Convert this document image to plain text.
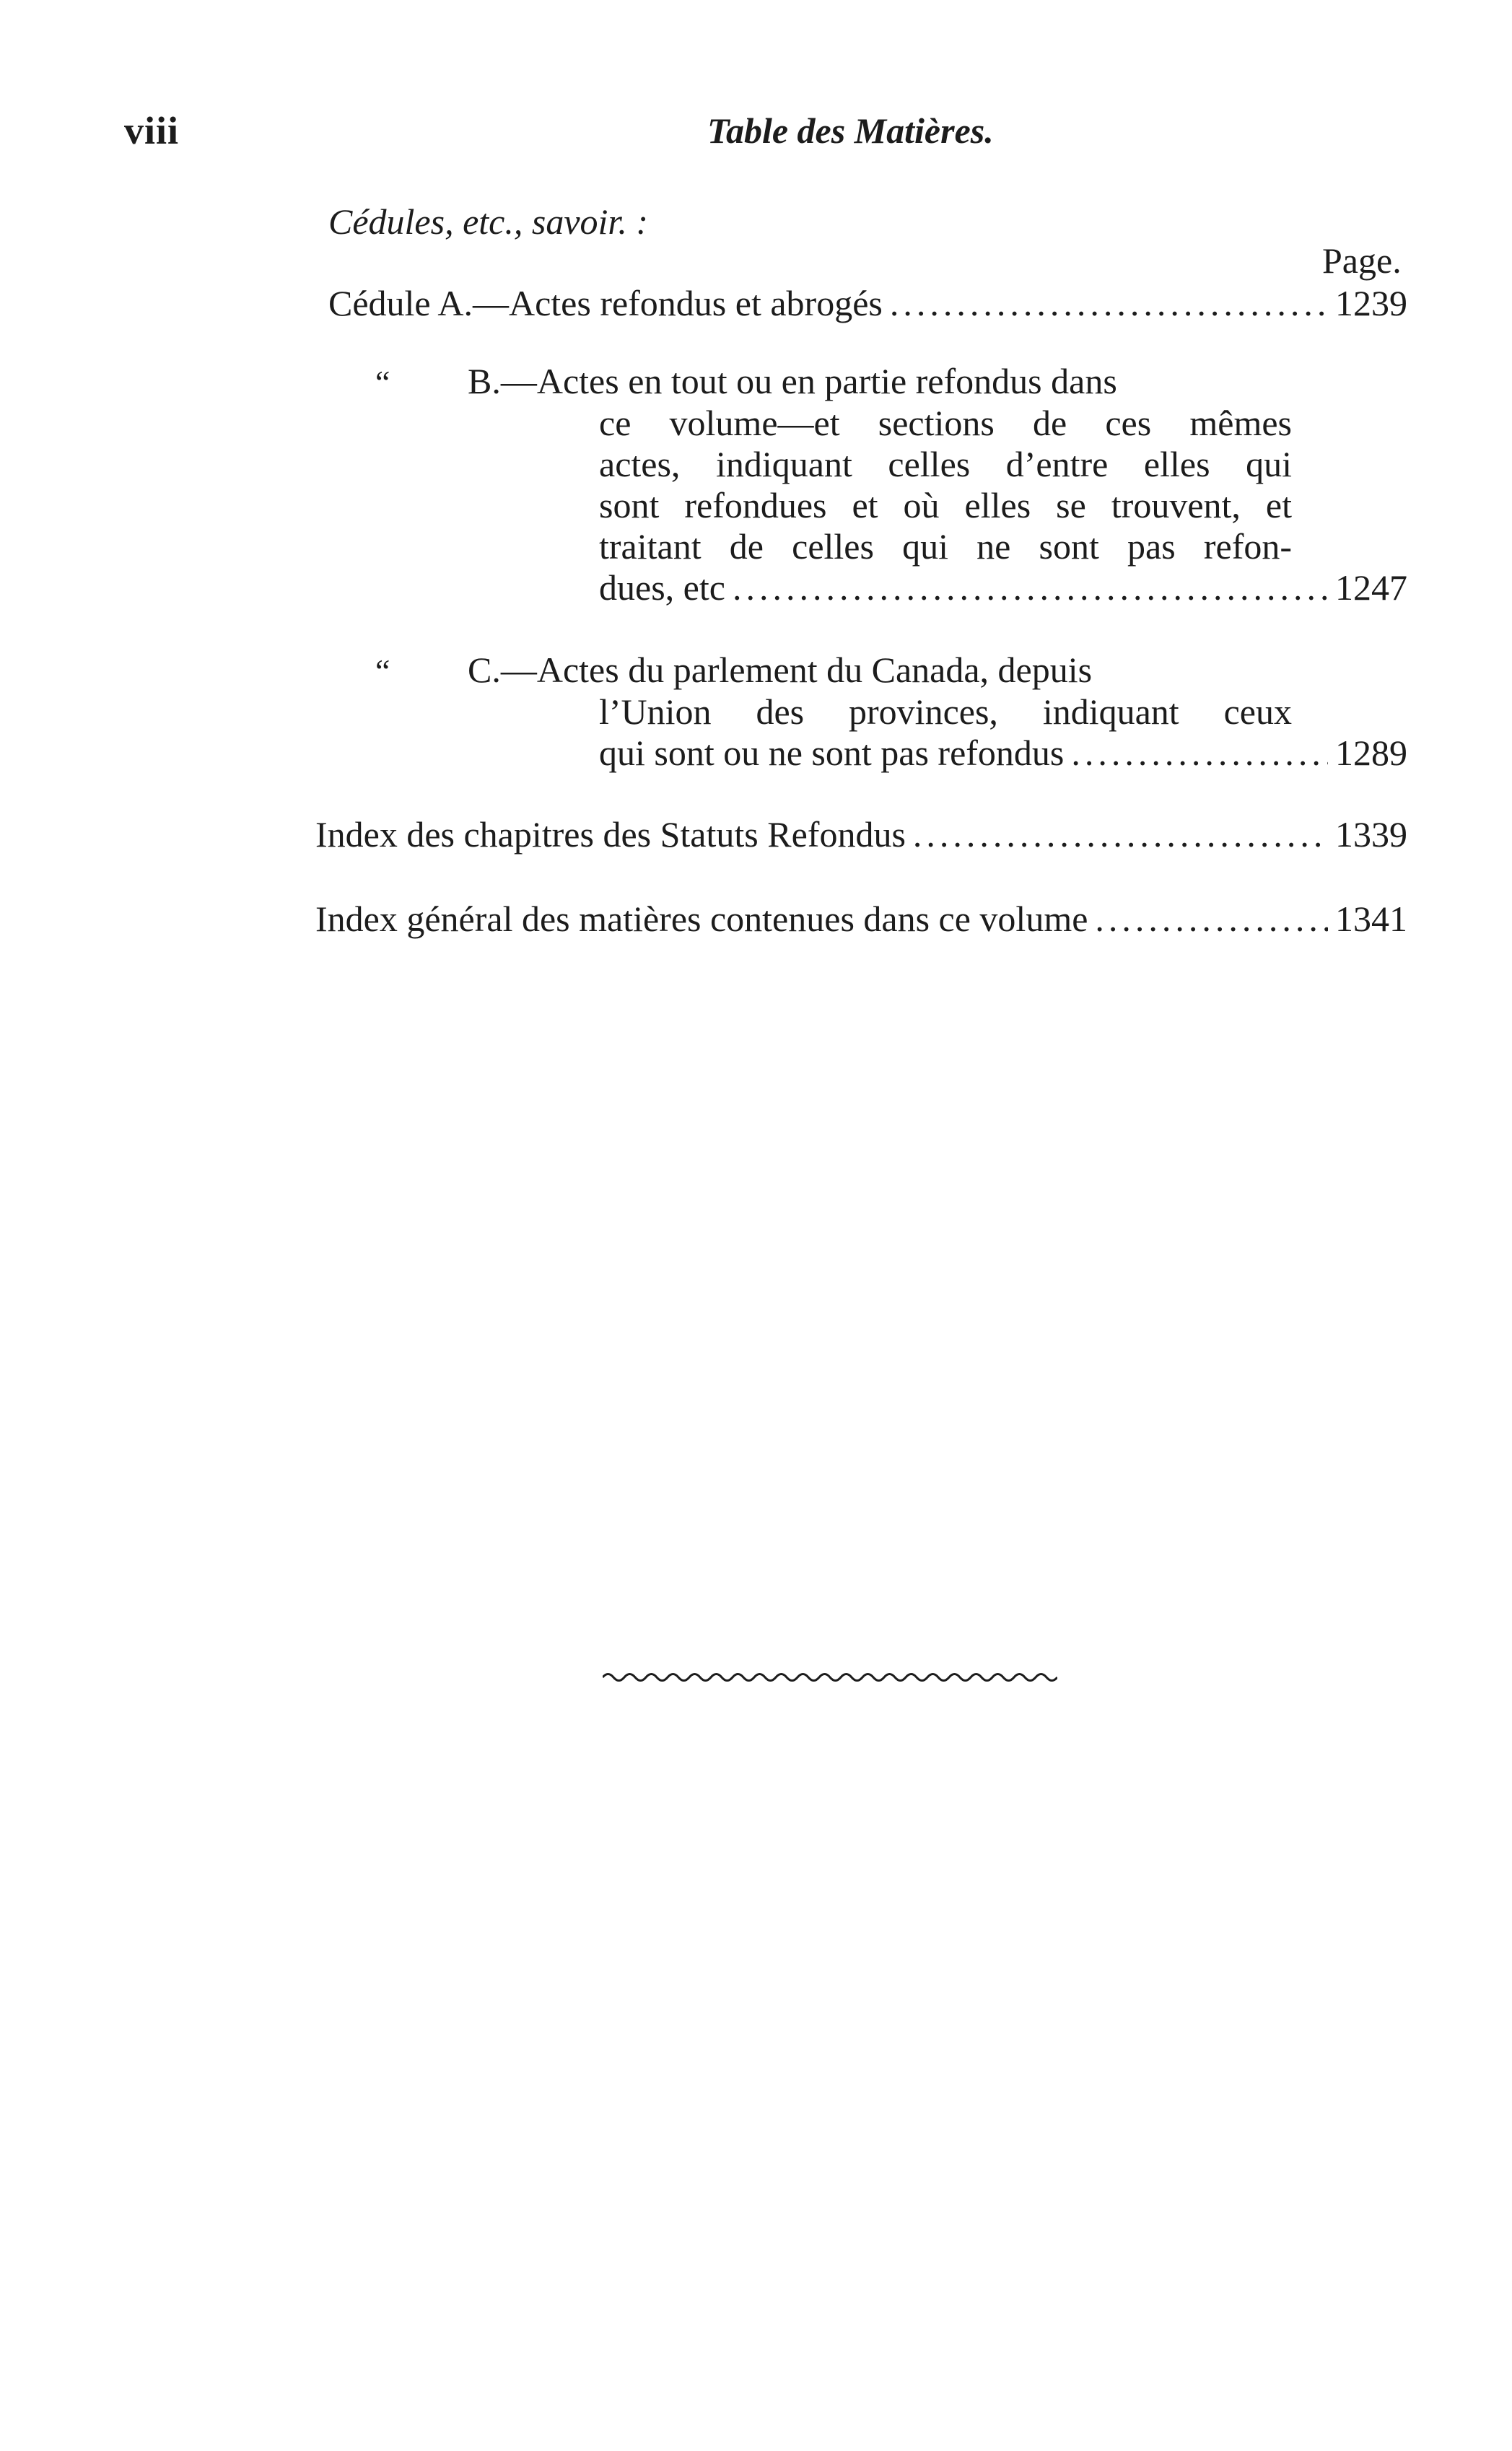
viii	Table des Matières.
Cédules, etc., savoir. :
Page.
Cédule A.—Actes refondus et abrogés .....	1239
“	B.—Actes en tout ou en partie refondus dans
ce volume—et sections de ces mêmes
actes, indiquant celles d’entre elles qui
sont refondues et où elles se trouvent, et
traitant de celles qui ne sont pas refon-
dues, etc .....	1247
“	C.—Actes du parlement du Canada, depuis
l’Union des provinces, indiquant ceux
qui sont ou ne sont pas refondus .....	1289
Index des chapitres des Statuts Refondus .....	1339
Index général des matières contenues dans ce volume .....	1341
